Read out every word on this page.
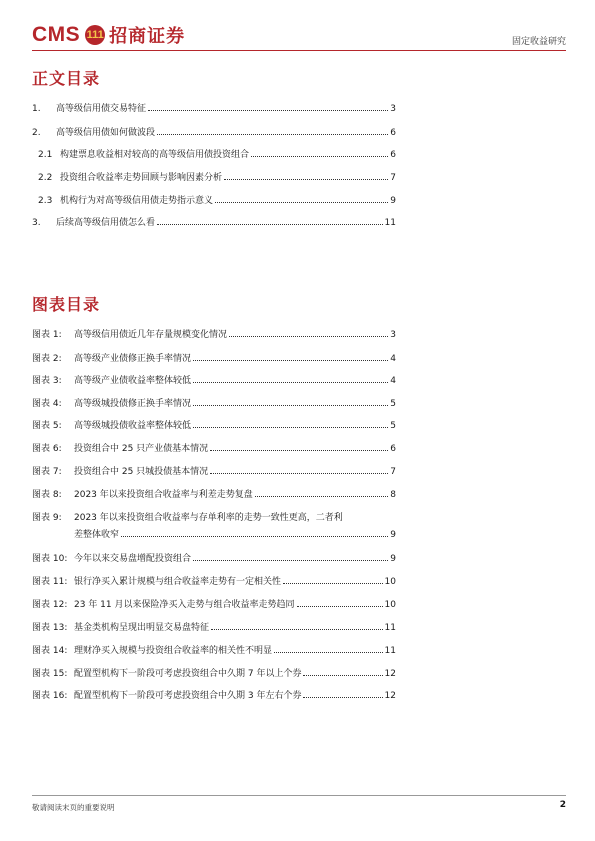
CMS 111 招商证券	固定收益研究
正文目录
1.	高等级信用债交易特征	3
2.	高等级信用债如何做波段	6
2.1 构建票息收益相对较高的高等级信用债投资组合	6
2.2 投资组合收益率走势回顾与影响因素分析	7
2.3 机构行为对高等级信用债走势指示意义	9
3.	后续高等级信用债怎么看	11
图表目录
图表 1:	高等级信用债近几年存量规模变化情况	3
图表 2:	高等级产业债修正换手率情况	4
图表 3:	高等级产业债收益率整体较低	4
图表 4:	高等级城投债修正换手率情况	5
图表 5:	高等级城投债收益率整体较低	5
图表 6:	投资组合中 25 只产业债基本情况	6
图表 7:	投资组合中 25 只城投债基本情况	7
图表 8:	2023 年以来投资组合收益率与利差走势复盘	8
图表 9: 2023 年以来投资组合收益率与存单利率的走势一致性更高，二者利
差整体收窄	9
图表 10: 今年以来交易盘增配投资组合	9
图表 11: 银行净买入累计规模与组合收益率走势有一定相关性	10
图表 12: 23 年 11 月以来保险净买入走势与组合收益率走势趋同	10
图表 13: 基金类机构呈现出明显交易盘特征	11
图表 14: 理财净买入规模与投资组合收益率的相关性不明显	11
图表 15: 配置型机构下一阶段可考虑投资组合中久期 7 年以上个券	12
图表 16: 配置型机构下一阶段可考虑投资组合中久期 3 年左右个券	12
敬请阅读末页的重要说明	2
